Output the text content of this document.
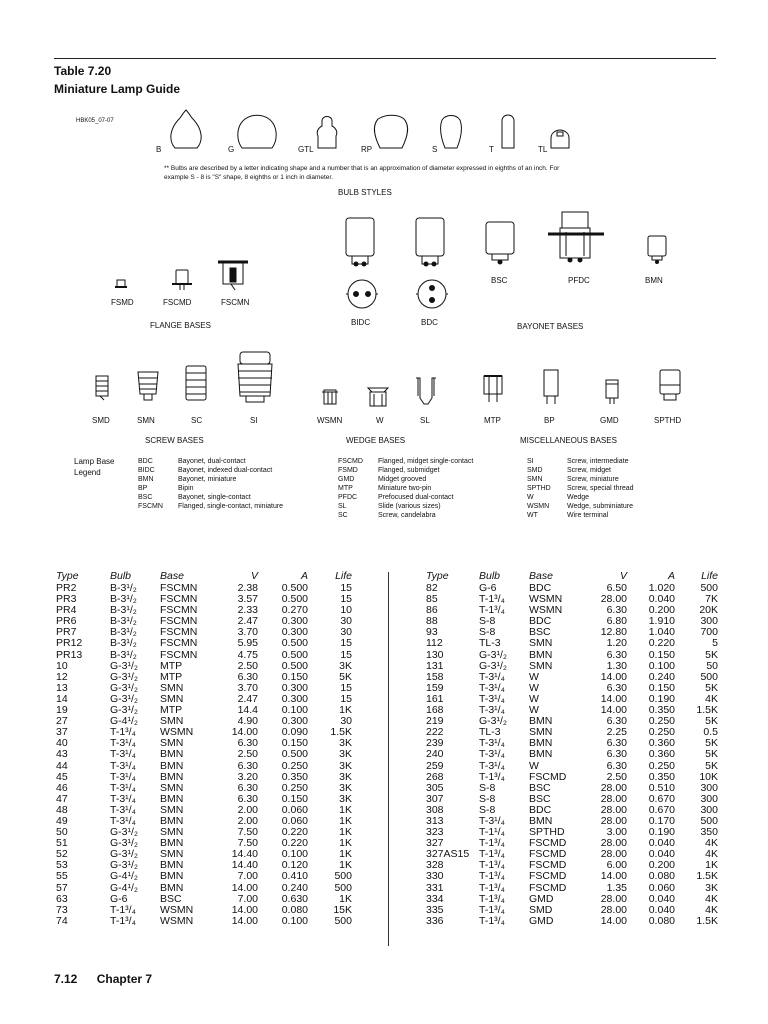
Table 7.20
Miniature Lamp Guide
HBK05_07-07
B	G	GTL	RP	S	T	TL
** Bulbs are described by a letter indicating shape and a number that is an approximation of diameter expressed in eighths of an inch. For example S - 8 is "S" shape, 8 eighths or 1 inch in diameter.
BULB STYLES
FSMD	FSCMD	FSCMN
FLANGE BASES	BIDC	BDC
BSC	PFDC	BMN
BAYONET BASES
SMD	SMN	SC	SI
SCREW BASES
WSMN	W	SL
WEDGE BASES
MTP	BP	GMD	SPTHD
MISCELLANEOUS BASES
Lamp Base
Legend
BDC	Bayonet, dual-contact
BIDC	Bayonet, indexed dual-contact
BMN	Bayonet, miniature
BP	Bipin
BSC	Bayonet, single-contact
FSCMN	Flanged, single-contact, miniature
FSCMD	Flanged, midget single-contact
FSMD	Flanged, submidget
GMD	Midget grooved
MTP	Miniature two-pin
PFDC	Prefocused dual-contact
SL	Slide (various sizes)
SC	Screw, candelabra
SI	Screw, intermediate
SMD	Screw, midget
SMN	Screw, miniature
SPTHD	Screw, special thread
W	Wedge
WSMN	Wedge, subminiature
WT	Wire terminal
Type	Bulb	Base	V	A	Life
PR2	B-3¹/₂	FSCMN	2.38	0.500	15
PR3	B-3¹/₂	FSCMN	3.57	0.500	15
PR4	B-3¹/₂	FSCMN	2.33	0.270	10
PR6	B-3¹/₂	FSCMN	2.47	0.300	30
PR7	B-3¹/₂	FSCMN	3.70	0.300	30
PR12	B-3¹/₂	FSCMN	5.95	0.500	15
PR13	B-3¹/₂	FSCMN	4.75	0.500	15
10	G-3¹/₂	MTP	2.50	0.500	3K
12	G-3¹/₂	MTP	6.30	0.150	5K
13	G-3¹/₂	SMN	3.70	0.300	15
14	G-3¹/₂	SMN	2.47	0.300	15
19	G-3¹/₂	MTP	14.4	0.100	1K
27	G-4¹/₂	SMN	4.90	0.300	30
37	T-1³/₄	WSMN	14.00	0.090	1.5K
40	T-3¹/₄	SMN	6.30	0.150	3K
43	T-3¹/₄	BMN	2.50	0.500	3K
44	T-3¹/₄	BMN	6.30	0.250	3K
45	T-3¹/₄	BMN	3.20	0.350	3K
46	T-3¹/₄	SMN	6.30	0.250	3K
47	T-3¹/₄	BMN	6.30	0.150	3K
48	T-3¹/₄	SMN	2.00	0.060	1K
49	T-3¹/₄	BMN	2.00	0.060	1K
50	G-3¹/₂	SMN	7.50	0.220	1K
51	G-3¹/₂	BMN	7.50	0.220	1K
52	G-3¹/₂	SMN	14.40	0.100	1K
53	G-3¹/₂	BMN	14.40	0.120	1K
55	G-4¹/₂	BMN	7.00	0.410	500
57	G-4¹/₂	BMN	14.00	0.240	500
63	G-6	BSC	7.00	0.630	1K
73	T-1³/₄	WSMN	14.00	0.080	15K
74	T-1³/₄	WSMN	14.00	0.100	500
Type	Bulb	Base	V	A	Life
82	G-6	BDC	6.50	1.020	500
85	T-1³/₄	WSMN	28.00	0.040	7K
86	T-1³/₄	WSMN	6.30	0.200	20K
88	S-8	BDC	6.80	1.910	300
93	S-8	BSC	12.80	1.040	700
112	TL-3	SMN	1.20	0.220	5
130	G-3¹/₂	BMN	6.30	0.150	5K
131	G-3¹/₂	SMN	1.30	0.100	50
158	T-3¹/₄	W	14.00	0.240	500
159	T-3¹/₄	W	6.30	0.150	5K
161	T-3¹/₄	W	14.00	0.190	4K
168	T-3¹/₄	W	14.00	0.350	1.5K
219	G-3¹/₂	BMN	6.30	0.250	5K
222	TL-3	SMN	2.25	0.250	0.5
239	T-3¹/₄	BMN	6.30	0.360	5K
240	T-3¹/₄	BMN	6.30	0.360	5K
259	T-3¹/₄	W	6.30	0.250	5K
268	T-1³/₄	FSCMD	2.50	0.350	10K
305	S-8	BSC	28.00	0.510	300
307	S-8	BSC	28.00	0.670	300
308	S-8	BDC	28.00	0.670	300
313	T-3¹/₄	BMN	28.00	0.170	500
323	T-1¹/₄	SPTHD	3.00	0.190	350
327	T-1³/₄	FSCMD	28.00	0.040	4K
327AS15	T-1³/₄	FSCMD	28.00	0.040	4K
328	T-1³/₄	FSCMD	6.00	0.200	1K
330	T-1³/₄	FSCMD	14.00	0.080	1.5K
331	T-1³/₄	FSCMD	1.35	0.060	3K
334	T-1³/₄	GMD	28.00	0.040	4K
335	T-1³/₄	SMD	28.00	0.040	4K
336	T-1³/₄	GMD	14.00	0.080	1.5K
7.12 Chapter 7
